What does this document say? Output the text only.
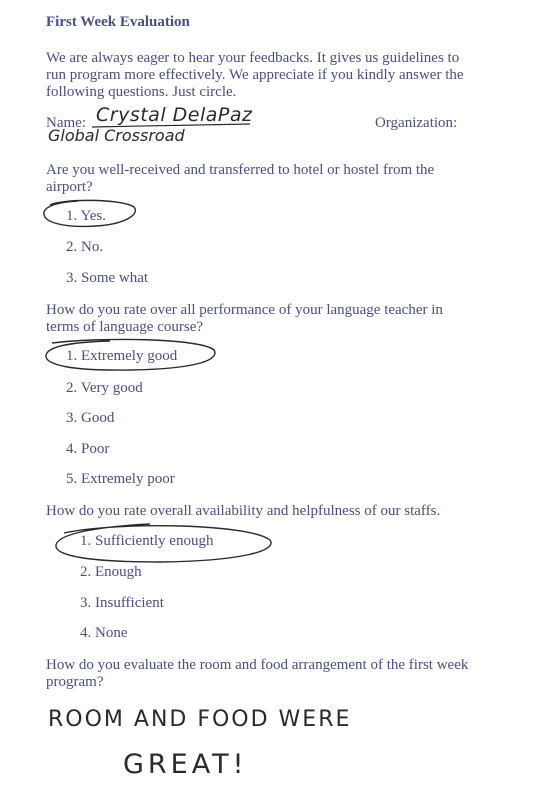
First Week Evaluation
We are always eager to hear your feedbacks. It gives us guidelines to
run program more effectively. We appreciate if you kindly answer the
following questions. Just circle.
Name:	Organization:
Crystal DelaPaz
Global Crossroad
Are you well-received and transferred to hotel or hostel from the
airport?
1. Yes.
2. No.
3. Some what
How do you rate over all performance of your language teacher in
terms of language course?
1. Extremely good
2. Very good
3. Good
4. Poor
5. Extremely poor
How do you rate overall availability and helpfulness of our staffs.
1. Sufficiently enough
2. Enough
3. Insufficient
4. None
How do you evaluate the room and food arrangement of the first week
program?
ROOM AND FOOD WERE
GREAT!
